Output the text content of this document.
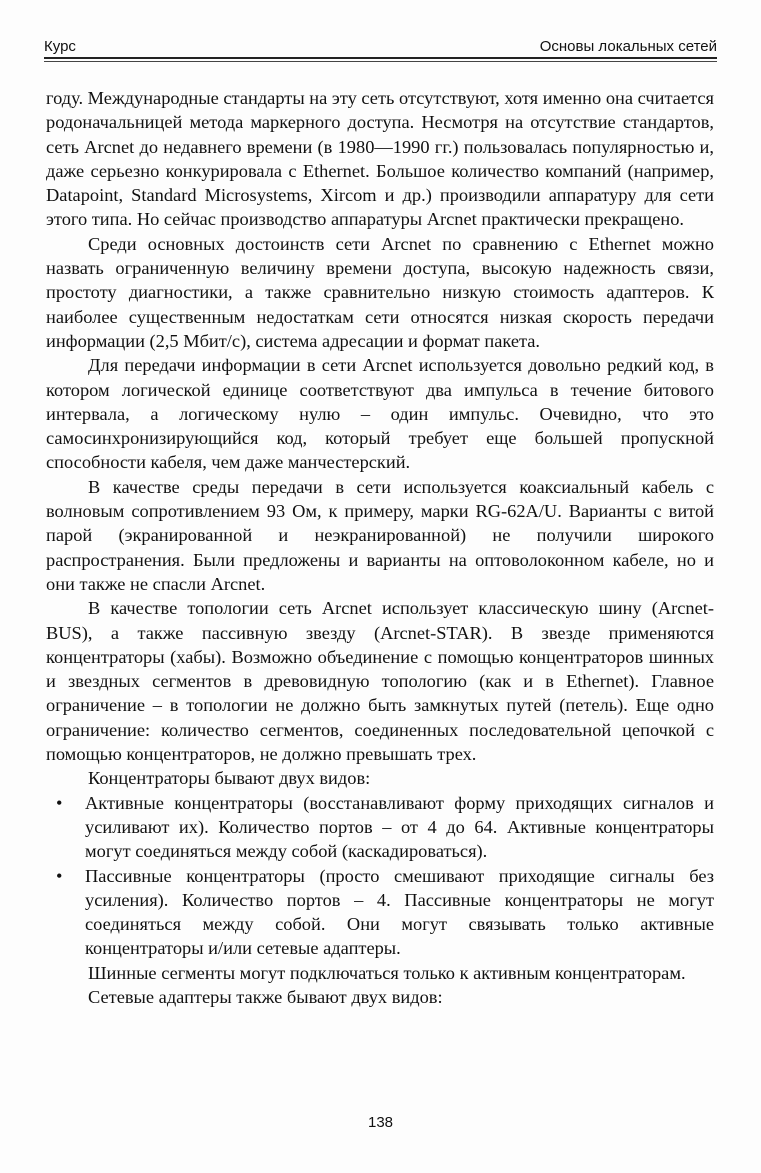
Курс	Основы локальных сетей

году. Международные стандарты на эту сеть отсутствуют, хотя именно она считается родоначальницей метода маркерного доступа. Несмотря на отсутствие стандартов, сеть Arcnet до недавнего времени (в 1980—1990 гг.) пользовалась популярностью и, даже серьезно конкурировала с Ethernet. Большое количество компаний (например, Datapoint, Standard Microsystems, Xircom и др.) производили аппаратуру для сети этого типа. Но сейчас производство аппаратуры Arcnet практически прекращено.

Среди основных достоинств сети Arcnet по сравнению с Ethernet можно назвать ограниченную величину времени доступа, высокую надежность связи, простоту диагностики, а также сравнительно низкую стоимость адаптеров. К наиболее существенным недостаткам сети относятся низкая скорость передачи информации (2,5 Мбит/с), система адресации и формат пакета.

Для передачи информации в сети Arcnet используется довольно редкий код, в котором логической единице соответствуют два импульса в течение битового интервала, а логическому нулю – один импульс. Очевидно, что это самосинхронизирующийся код, который требует еще большей пропускной способности кабеля, чем даже манчестерский.

В качестве среды передачи в сети используется коаксиальный кабель с волновым сопротивлением 93 Ом, к примеру, марки RG-62A/U. Варианты с витой парой (экранированной и неэкранированной) не получили широкого распространения. Были предложены и варианты на оптоволоконном кабеле, но и они также не спасли Arcnet.

В качестве топологии сеть Arcnet использует классическую шину (Arcnet-BUS), а также пассивную звезду (Arcnet-STAR). В звезде применяются концентраторы (хабы). Возможно объединение с помощью концентраторов шинных и звездных сегментов в древовидную топологию (как и в Ethernet). Главное ограничение – в топологии не должно быть замкнутых путей (петель). Еще одно ограничение: количество сегментов, соединенных последовательной цепочкой с помощью концентраторов, не должно превышать трех.

Концентраторы бывают двух видов:

• Активные концентраторы (восстанавливают форму приходящих сигналов и усиливают их). Количество портов – от 4 до 64. Активные концентраторы могут соединяться между собой (каскадироваться).
• Пассивные концентраторы (просто смешивают приходящие сигналы без усиления). Количество портов – 4. Пассивные концентраторы не могут соединяться между собой. Они могут связывать только активные концентраторы и/или сетевые адаптеры.

Шинные сегменты могут подключаться только к активным концентраторам.

Сетевые адаптеры также бывают двух видов:

138
